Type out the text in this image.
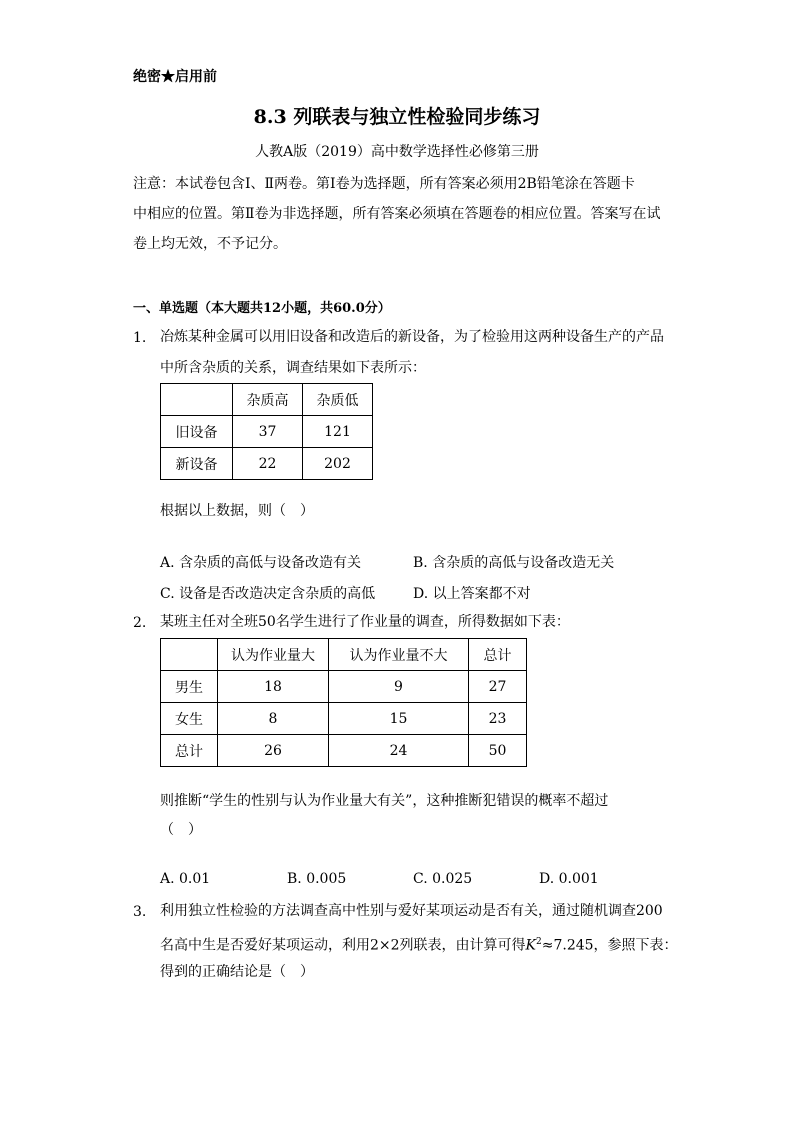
绝密★启用前
8.3 列联表与独立性检验同步练习
人教A版（2019）高中数学选择性必修第三册
注意：本试卷包含Ⅰ、Ⅱ两卷。第Ⅰ卷为选择题，所有答案必须用2B铅笔涂在答题卡
中相应的位置。第Ⅱ卷为非选择题，所有答案必须填在答题卷的相应位置。答案写在试
卷上均无效，不予记分。
一、单选题（本大题共12小题，共60.0分）
1. 冶炼某种金属可以用旧设备和改造后的新设备，为了检验用这两种设备生产的产品
中所含杂质的关系，调查结果如下表所示：
	杂质高	杂质低
旧设备	37	121
新设备	22	202
根据以上数据，则（　）
A. 含杂质的高低与设备改造有关	B. 含杂质的高低与设备改造无关
C. 设备是否改造决定含杂质的高低	D. 以上答案都不对
2. 某班主任对全班50名学生进行了作业量的调查，所得数据如下表：
	认为作业量大	认为作业量不大	总计
男生	18	9	27
女生	8	15	23
总计	26	24	50
则推断“学生的性别与认为作业量大有关”，这种推断犯错误的概率不超过
（　）
A. 0.01	B. 0.005	C. 0.025	D. 0.001
3. 利用独立性检验的方法调查高中性别与爱好某项运动是否有关，通过随机调查200
名高中生是否爱好某项运动，利用2×2列联表，由计算可得$K^2\approx 7.245$，参照下表：
得到的正确结论是（　）
